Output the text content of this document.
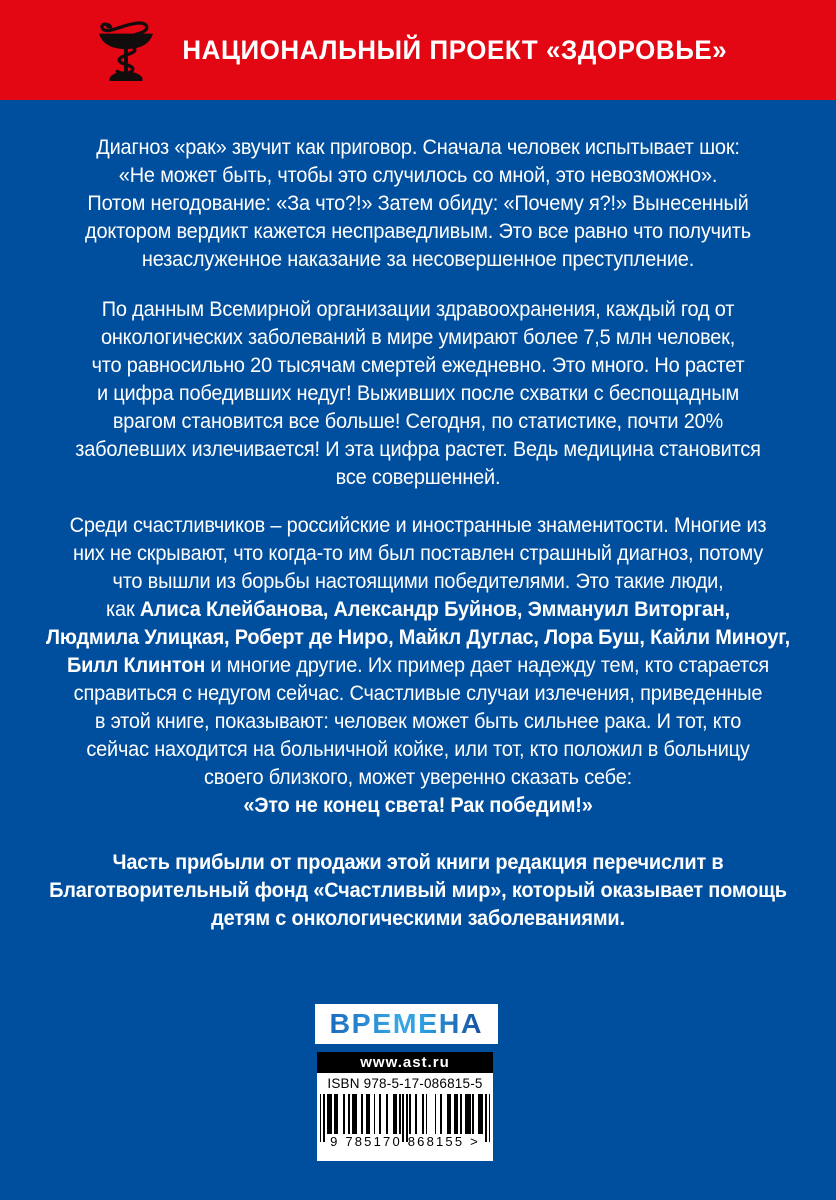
НАЦИОНАЛЬНЫЙ ПРОЕКТ «ЗДОРОВЬЕ»

Диагноз «рак» звучит как приговор. Сначала человек испытывает шок:
«Не может быть, чтобы это случилось со мной, это невозможно».
Потом негодование: «За что?!» Затем обиду: «Почему я?!» Вынесенный
доктором вердикт кажется несправедливым. Это все равно что получить
незаслуженное наказание за несовершенное преступление.

По данным Всемирной организации здравоохранения, каждый год от
онкологических заболеваний в мире умирают более 7,5 млн человек,
что равносильно 20 тысячам смертей ежедневно. Это много. Но растет
и цифра победивших недуг! Выживших после схватки с беспощадным
врагом становится все больше! Сегодня, по статистике, почти 20%
заболевших излечивается! И эта цифра растет. Ведь медицина становится
все совершенней.

Среди счастливчиков – российские и иностранные знаменитости. Многие из
них не скрывают, что когда-то им был поставлен страшный диагноз, потому
что вышли из борьбы настоящими победителями. Это такие люди,
как Алиса Клейбанова, Александр Буйнов, Эммануил Виторган,
Людмила Улицкая, Роберт де Ниро, Майкл Дуглас, Лора Буш, Кайли Миноуг,
Билл Клинтон и многие другие. Их пример дает надежду тем, кто старается
справиться с недугом сейчас. Счастливые случаи излечения, приведенные
в этой книге, показывают: человек может быть сильнее рака. И тот, кто
сейчас находится на больничной койке, или тот, кто положил в больницу
своего близкого, может уверенно сказать себе:
«Это не конец света! Рак победим!»

Часть прибыли от продажи этой книги редакция перечислит в
Благотворительный фонд «Счастливый мир», который оказывает помощь
детям с онкологическими заболеваниями.

ВРЕМЕНА
www.ast.ru
ISBN 978-5-17-086815-5
9 785170 868155 >
